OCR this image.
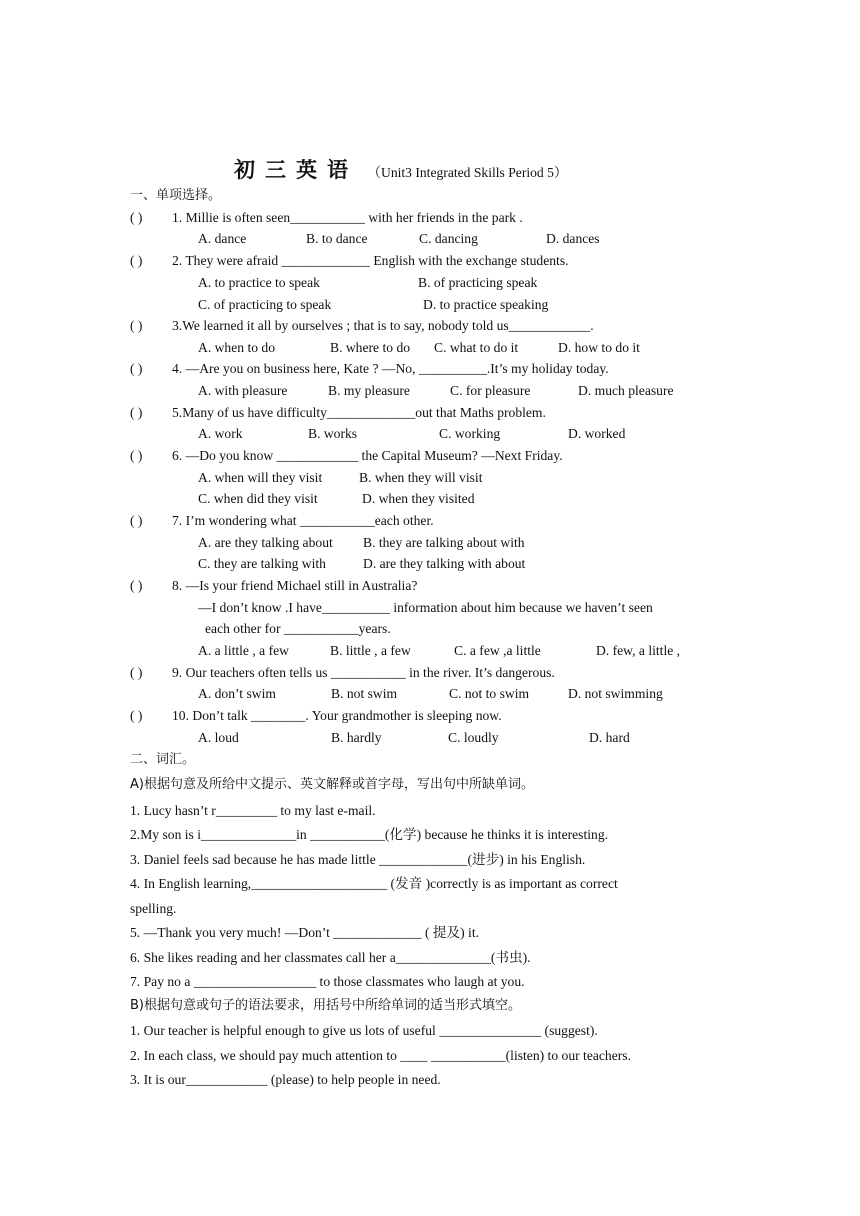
初三英语 （Unit3 Integrated Skills Period 5）
一、单项选择。
( ) 1. Millie is often seen___________ with her friends in the park .
A. dance	B. to dance	C. dancing	D. dances
( ) 2. They were afraid _____________ English with the exchange students.
A. to practice to speak	B. of practicing speak
C. of practicing to speak	D. to practice speaking
( ) 3.We learned it all by ourselves ; that is to say, nobody told us____________.
A. when to do	B. where to do C. what to do it	D. how to do it
( ) 4. —Are you on business here, Kate ? —No, __________.It’s my holiday today.
A. with pleasure	B. my pleasure	C. for pleasure	D. much pleasure
( ) 5.Many of us have difficulty_____________out that Maths problem.
A. work	B. works	C. working	D. worked
( ) 6. —Do you know ____________ the Capital Museum? —Next Friday.
A. when will they visit	B. when they will visit
C. when did they visit	D. when they visited
( ) 7. I’m wondering what ___________each other.
A. are they talking about B. they are talking about with
C. they are talking with	D. are they talking with about
( ) 8. —Is your friend Michael still in Australia?
—I don’t know .I have__________ information about him because we haven’t seen
each other for ___________years.
A. a little , a few	B. little , a few	C. a few ,a little	D. few, a little ,
( ) 9. Our teachers often tells us ___________ in the river. It’s dangerous.
A. don’t swim	B. not swim	C. not to swim	D. not swimming
( ) 10. Don’t talk ________. Your grandmother is sleeping now.
A. loud	B. hardly	C. loudly	D. hard
二、词汇。
A)根据句意及所给中文提示、英文解释或首字母，写出句中所缺单词。
1. Lucy hasn’t r_________ to my last e-mail.
2.My son is i______________in ___________(化学) because he thinks it is interesting.
3. Daniel feels sad because he has made little _____________(进步) in his English.
4. In English learning,____________________ (发音 )correctly is as important as correct
spelling.
5. —Thank you very much! —Don’t _____________ ( 提及) it.
6. She likes reading and her classmates call her a______________(书虫).
7. Pay no a __________________ to those classmates who laugh at you.
B)根据句意或句子的语法要求，用括号中所给单词的适当形式填空。
1. Our teacher is helpful enough to give us lots of useful _______________ (suggest).
2. In each class, we should pay much attention to ____ ___________(listen) to our teachers.
3. It is our____________ (please) to help people in need.
